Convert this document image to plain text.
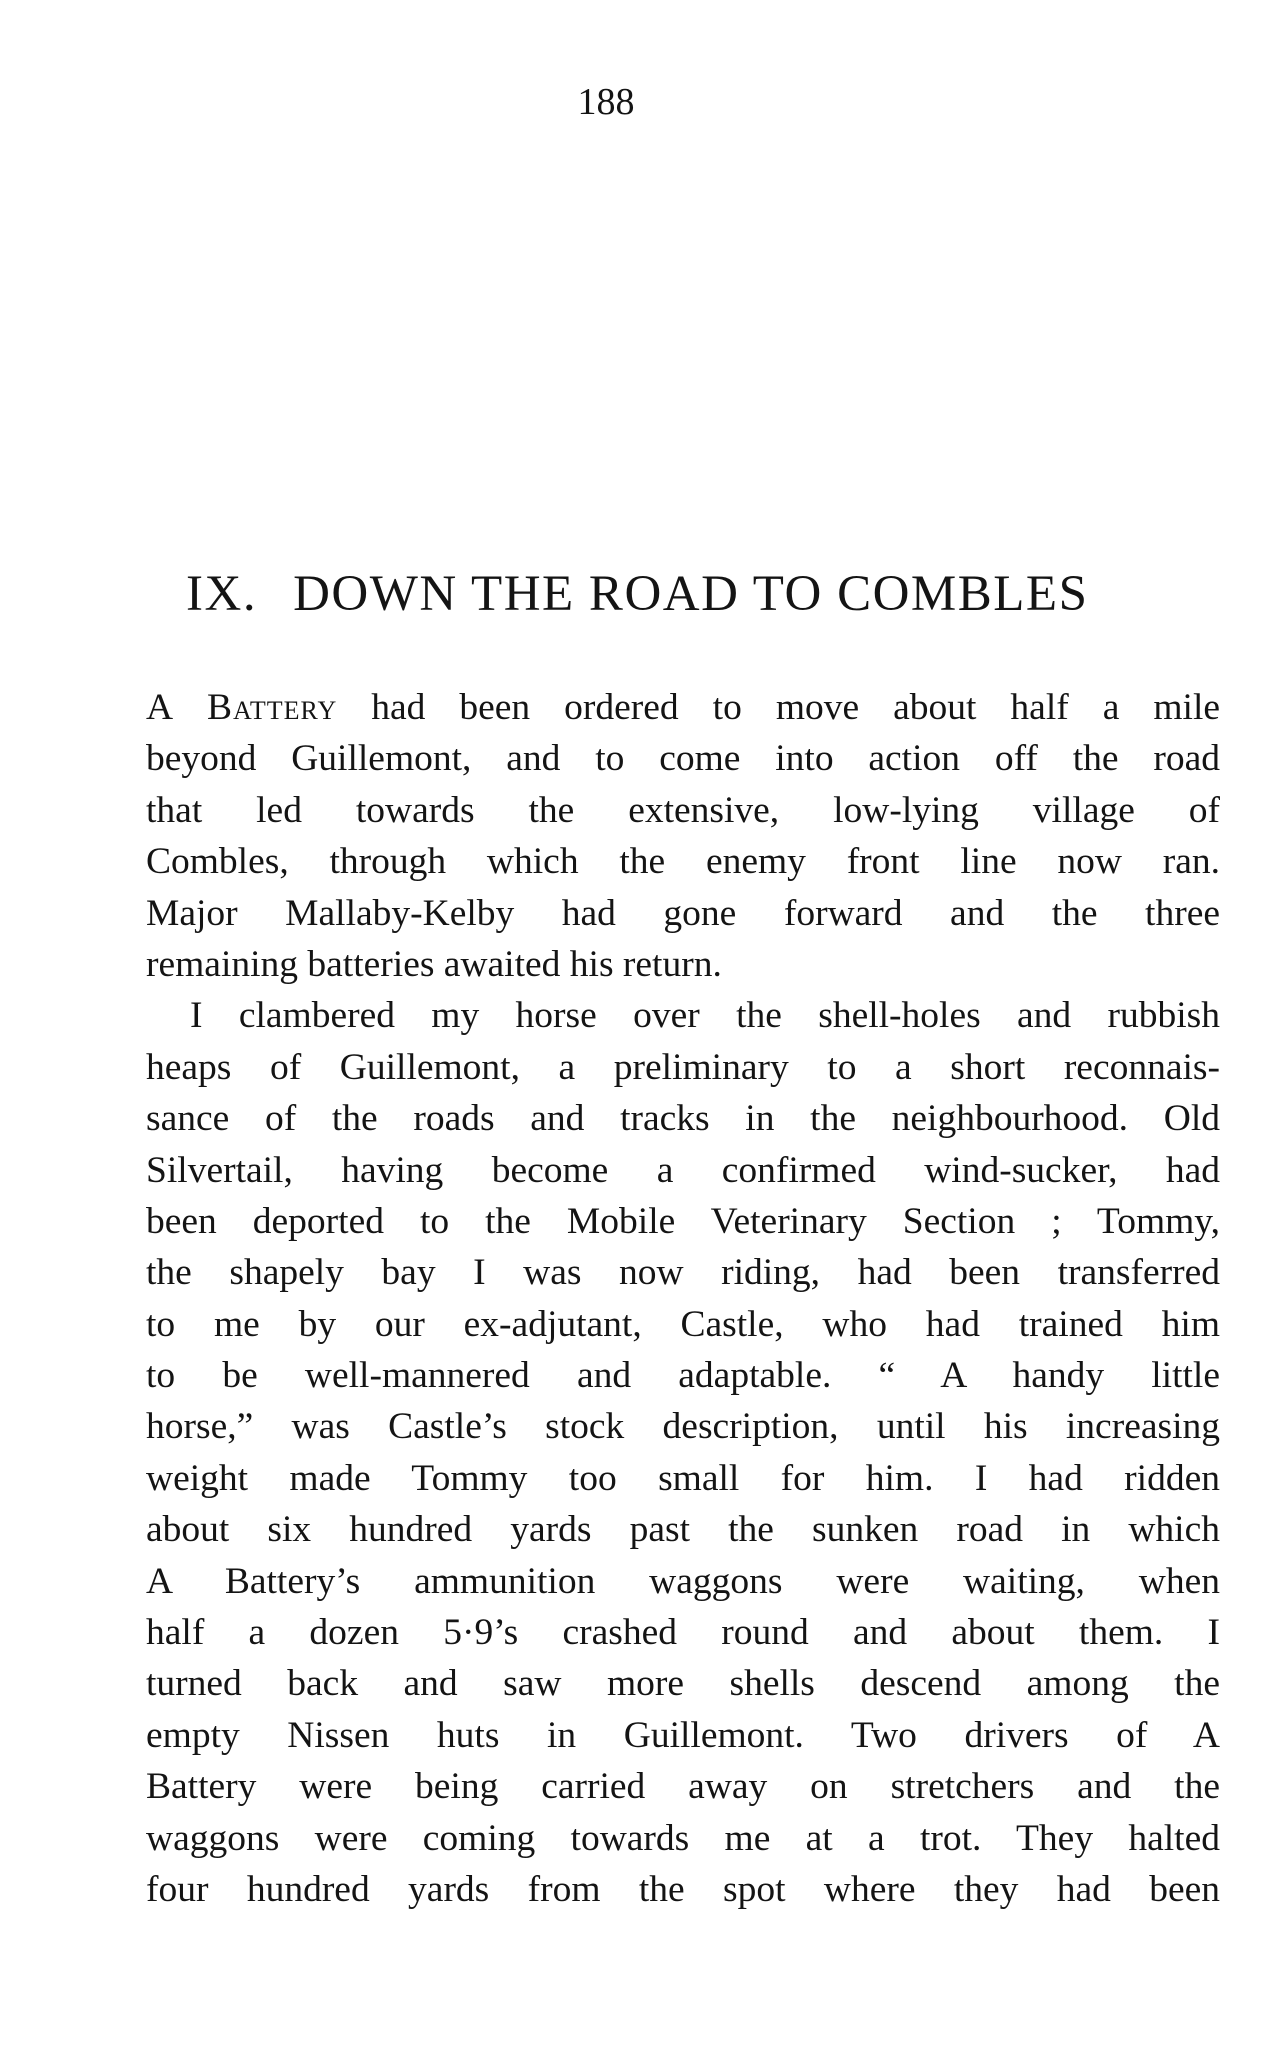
188
IX. DOWN THE ROAD TO COMBLES
A Battery had been ordered to move about half a mile
beyond Guillemont, and to come into action off the road
that led towards the extensive, low-lying village of
Combles, through which the enemy front line now ran.
Major Mallaby-Kelby had gone forward and the three
remaining batteries awaited his return.
I clambered my horse over the shell-holes and rubbish
heaps of Guillemont, a preliminary to a short reconnais-
sance of the roads and tracks in the neighbourhood. Old
Silvertail, having become a confirmed wind-sucker, had
been deported to the Mobile Veterinary Section ; Tommy,
the shapely bay I was now riding, had been transferred
to me by our ex-adjutant, Castle, who had trained him
to be well-mannered and adaptable. “ A handy little
horse,” was Castle’s stock description, until his increasing
weight made Tommy too small for him. I had ridden
about six hundred yards past the sunken road in which
A Battery’s ammunition waggons were waiting, when
half a dozen 5·9’s crashed round and about them. I
turned back and saw more shells descend among the
empty Nissen huts in Guillemont. Two drivers of A
Battery were being carried away on stretchers and the
waggons were coming towards me at a trot. They halted
four hundred yards from the spot where they had been
